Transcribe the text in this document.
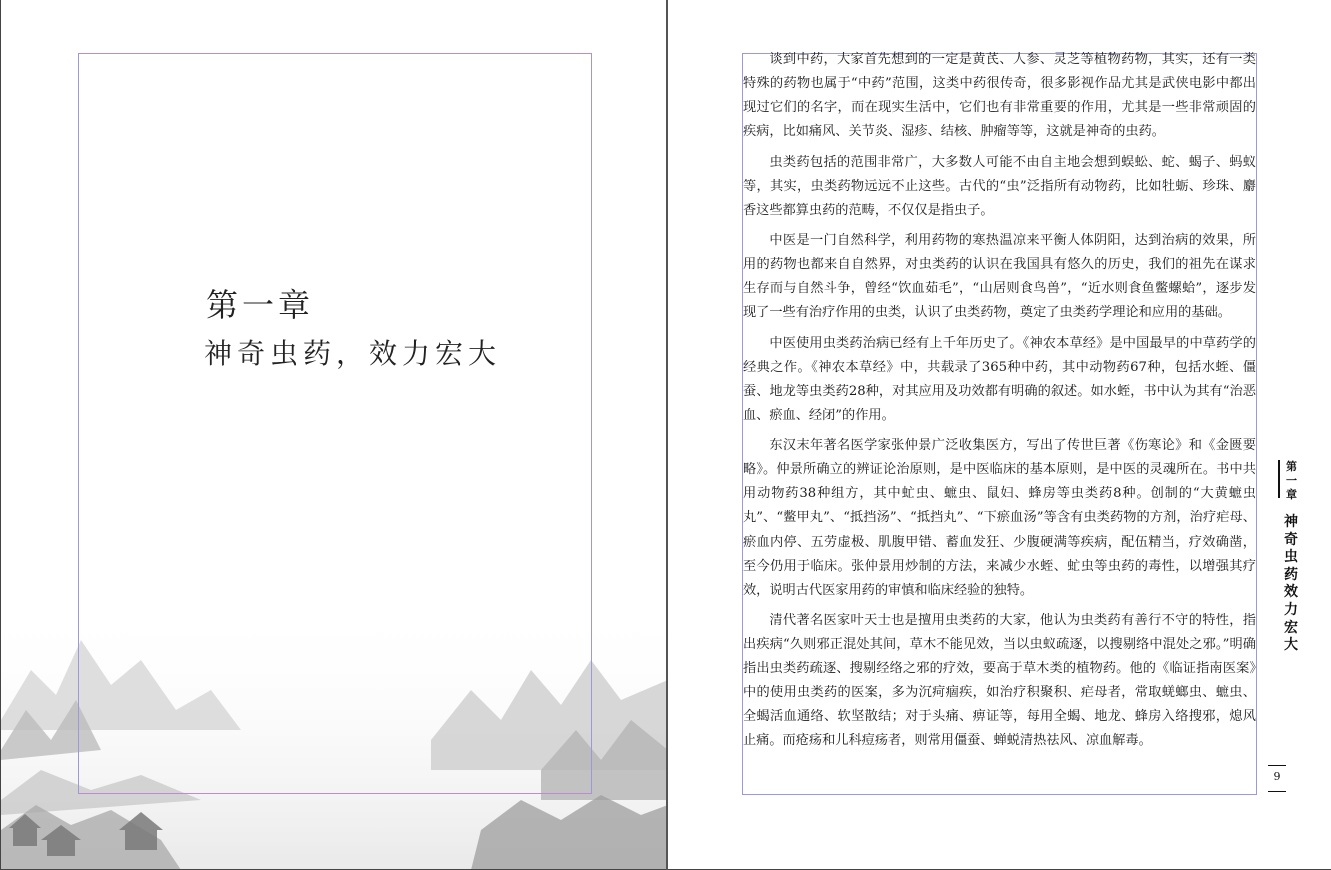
第一章
神奇虫药，效力宏大

谈到中药，大家首先想到的一定是黄芪、人参、灵芝等植物药物，其实，还有一类特殊的药物也属于“中药”范围，这类中药很传奇，很多影视作品尤其是武侠电影中都出现过它们的名字，而在现实生活中，它们也有非常重要的作用，尤其是一些非常顽固的疾病，比如痛风、关节炎、湿疹、结核、肿瘤等等，这就是神奇的虫药。

虫类药包括的范围非常广，大多数人可能不由自主地会想到蜈蚣、蛇、蝎子、蚂蚁等，其实，虫类药物远远不止这些。古代的“虫”泛指所有动物药，比如牡蛎、珍珠、麝香这些都算虫药的范畴，不仅仅是指虫子。

中医是一门自然科学，利用药物的寒热温凉来平衡人体阴阳，达到治病的效果，所用的药物也都来自自然界，对虫类药的认识在我国具有悠久的历史，我们的祖先在谋求生存而与自然斗争，曾经“饮血茹毛”，“山居则食鸟兽”，“近水则食鱼鳖螺蛤”，逐步发现了一些有治疗作用的虫类，认识了虫类药物，奠定了虫类药学理论和应用的基础。

中医使用虫类药治病已经有上千年历史了。《神农本草经》是中国最早的中草药学的经典之作。《神农本草经》中，共载录了365种中药，其中动物药67种，包括水蛭、僵蚕、地龙等虫类药28种，对其应用及功效都有明确的叙述。如水蛭，书中认为其有“治恶血、瘀血、经闭”的作用。

东汉末年著名医学家张仲景广泛收集医方，写出了传世巨著《伤寒论》和《金匮要略》。仲景所确立的辨证论治原则，是中医临床的基本原则，是中医的灵魂所在。书中共用动物药38种组方，其中虻虫、蟅虫、鼠妇、蜂房等虫类药8种。创制的“大黄蟅虫丸”、“鳖甲丸”、“抵挡汤”、“抵挡丸”、“下瘀血汤”等含有虫类药物的方剂，治疗疟母、瘀血内停、五劳虚极、肌腹甲错、蓄血发狂、少腹硬满等疾病，配伍精当，疗效确凿，至今仍用于临床。张仲景用炒制的方法，来减少水蛭、虻虫等虫药的毒性，以增强其疗效，说明古代医家用药的审慎和临床经验的独特。

清代著名医家叶天士也是擅用虫类药的大家，他认为虫类药有善行不守的特性，指出疾病“久则邪正混处其间，草木不能见效，当以虫蚁疏逐，以搜剔络中混处之邪。”明确指出虫类药疏逐、搜剔经络之邪的疗效，要高于草木类的植物药。他的《临证指南医案》中的使用虫类药的医案，多为沉疴痼疾，如治疗积聚积、疟母者，常取蜣螂虫、蟅虫、全蝎活血通络、软坚散结；对于头痛、痹证等，每用全蝎、地龙、蜂房入络搜邪，熄风止痛。而疮疡和儿科痘疡者，则常用僵蚕、蝉蜕清热祛风、凉血解毒。

第一章
神奇虫药效力宏大
9
